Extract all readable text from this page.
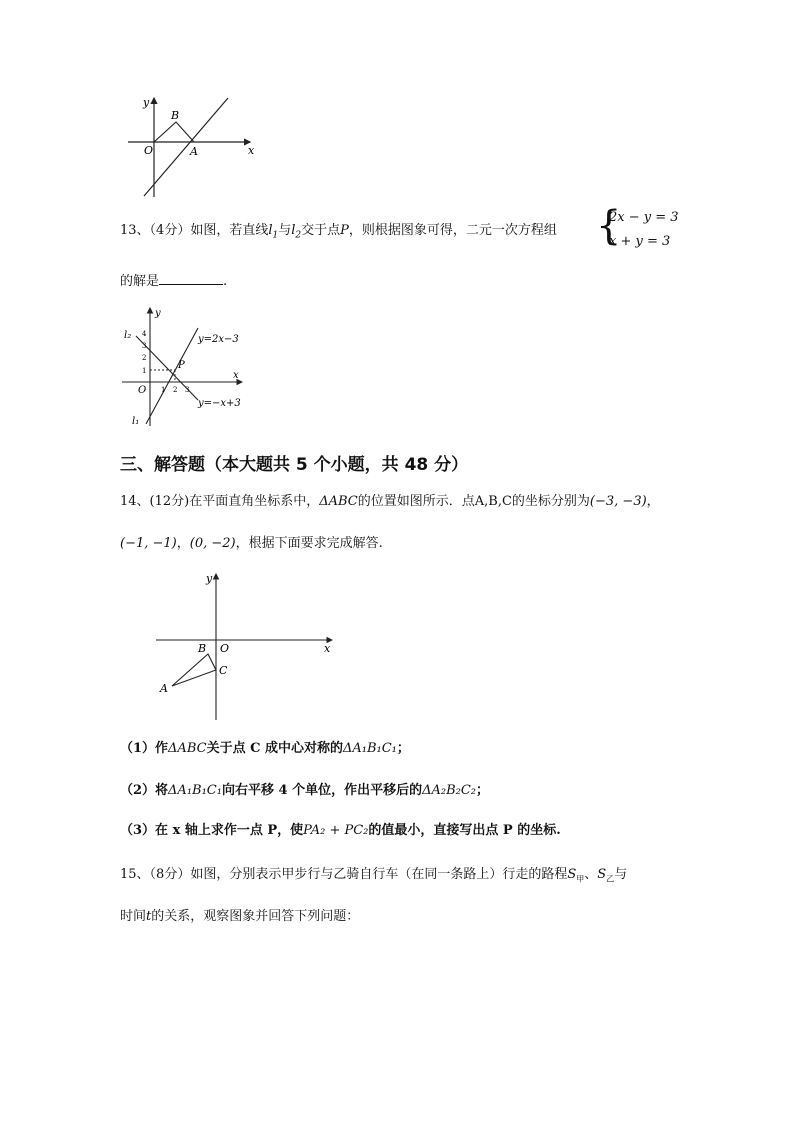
y
x
O	A
B
13、（4分）如图，若直线$l_1$与$l_2$交于点P，则根据图象可得，二元一次方程组 {
2x − y = 3
x + y = 3
的解是	.
y
x
O
P
l₂
l₁
y=2x−3
y=−x+3
4
3
2
1
1 2 3
三、解答题（本大题共 5 个小题，共 48 分）
14、(12分)在平面直角坐标系中，ΔABC的位置如图所示．点A,B,C的坐标分别为(−3, −3)，
(−1, −1)，(0, −2)，根据下面要求完成解答.
y
x
O
A
B
C
（1）作ΔABC关于点 C 成中心对称的ΔA₁B₁C₁；
（2）将ΔA₁B₁C₁向右平移 4 个单位，作出平移后的ΔA₂B₂C₂；
（3）在 x 轴上求作一点 P，使PA₂ + PC₂的值最小，直接写出点 P 的坐标.
15、（8分）如图，分别表示甲步行与乙骑自行车（在同一条路上）行走的路程$S_甲$、$S_乙$与
时间t的关系，观察图象并回答下列问题：
